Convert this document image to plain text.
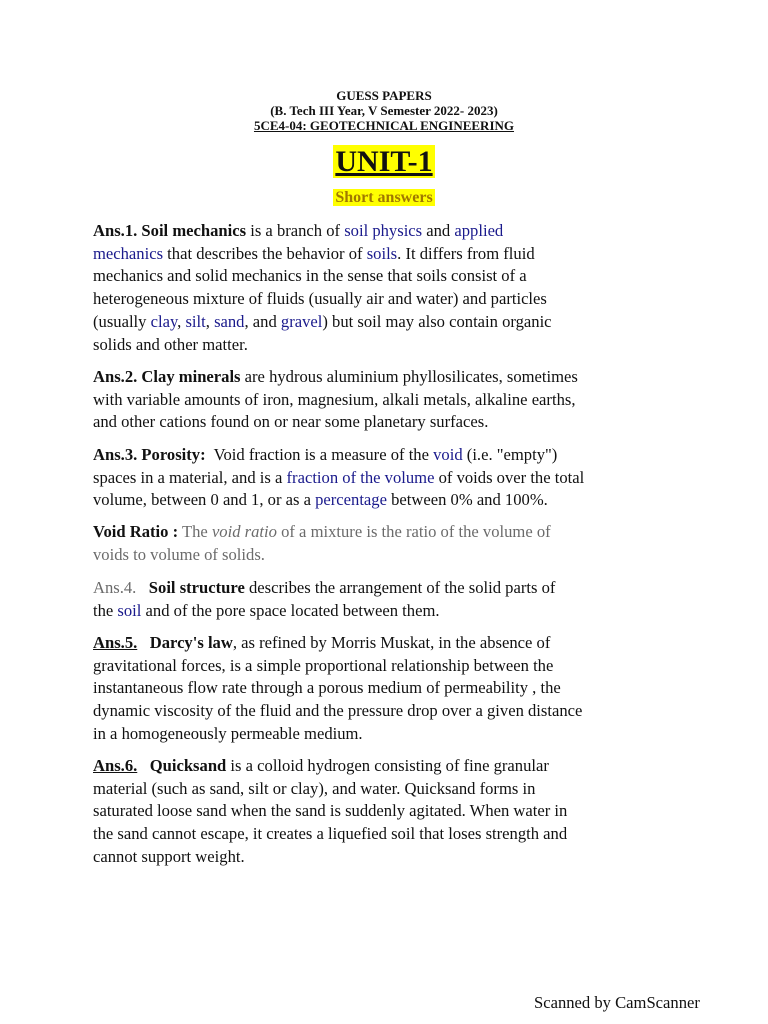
GUESS PAPERS
(B. Tech III Year, V Semester 2022- 2023)
5CE4-04: GEOTECHNICAL ENGINEERING
UNIT-1
Short answers
Ans.1. Soil mechanics is a branch of soil physics and applied
mechanics that describes the behavior of soils. It differs from fluid
mechanics and solid mechanics in the sense that soils consist of a
heterogeneous mixture of fluids (usually air and water) and particles
(usually clay, silt, sand, and gravel) but soil may also contain organic
solids and other matter.
Ans.2. Clay minerals are hydrous aluminium phyllosilicates, sometimes
with variable amounts of iron, magnesium, alkali metals, alkaline earths,
and other cations found on or near some planetary surfaces.
Ans.3. Porosity:  Void fraction is a measure of the void (i.e. "empty")
spaces in a material, and is a fraction of the volume of voids over the total
volume, between 0 and 1, or as a percentage between 0% and 100%.
Void Ratio : The void ratio of a mixture is the ratio of the volume of
voids to volume of solids.
Ans.4. Soil structure describes the arrangement of the solid parts of
the soil and of the pore space located between them.
Ans.5. Darcy's law, as refined by Morris Muskat, in the absence of
gravitational forces, is a simple proportional relationship between the
instantaneous flow rate through a porous medium of permeability , the
dynamic viscosity of the fluid and the pressure drop over a given distance
in a homogeneously permeable medium.
Ans.6. Quicksand is a colloid hydrogen consisting of fine granular
material (such as sand, silt or clay), and water. Quicksand forms in
saturated loose sand when the sand is suddenly agitated. When water in
the sand cannot escape, it creates a liquefied soil that loses strength and
cannot support weight.
Scanned by CamScanner
